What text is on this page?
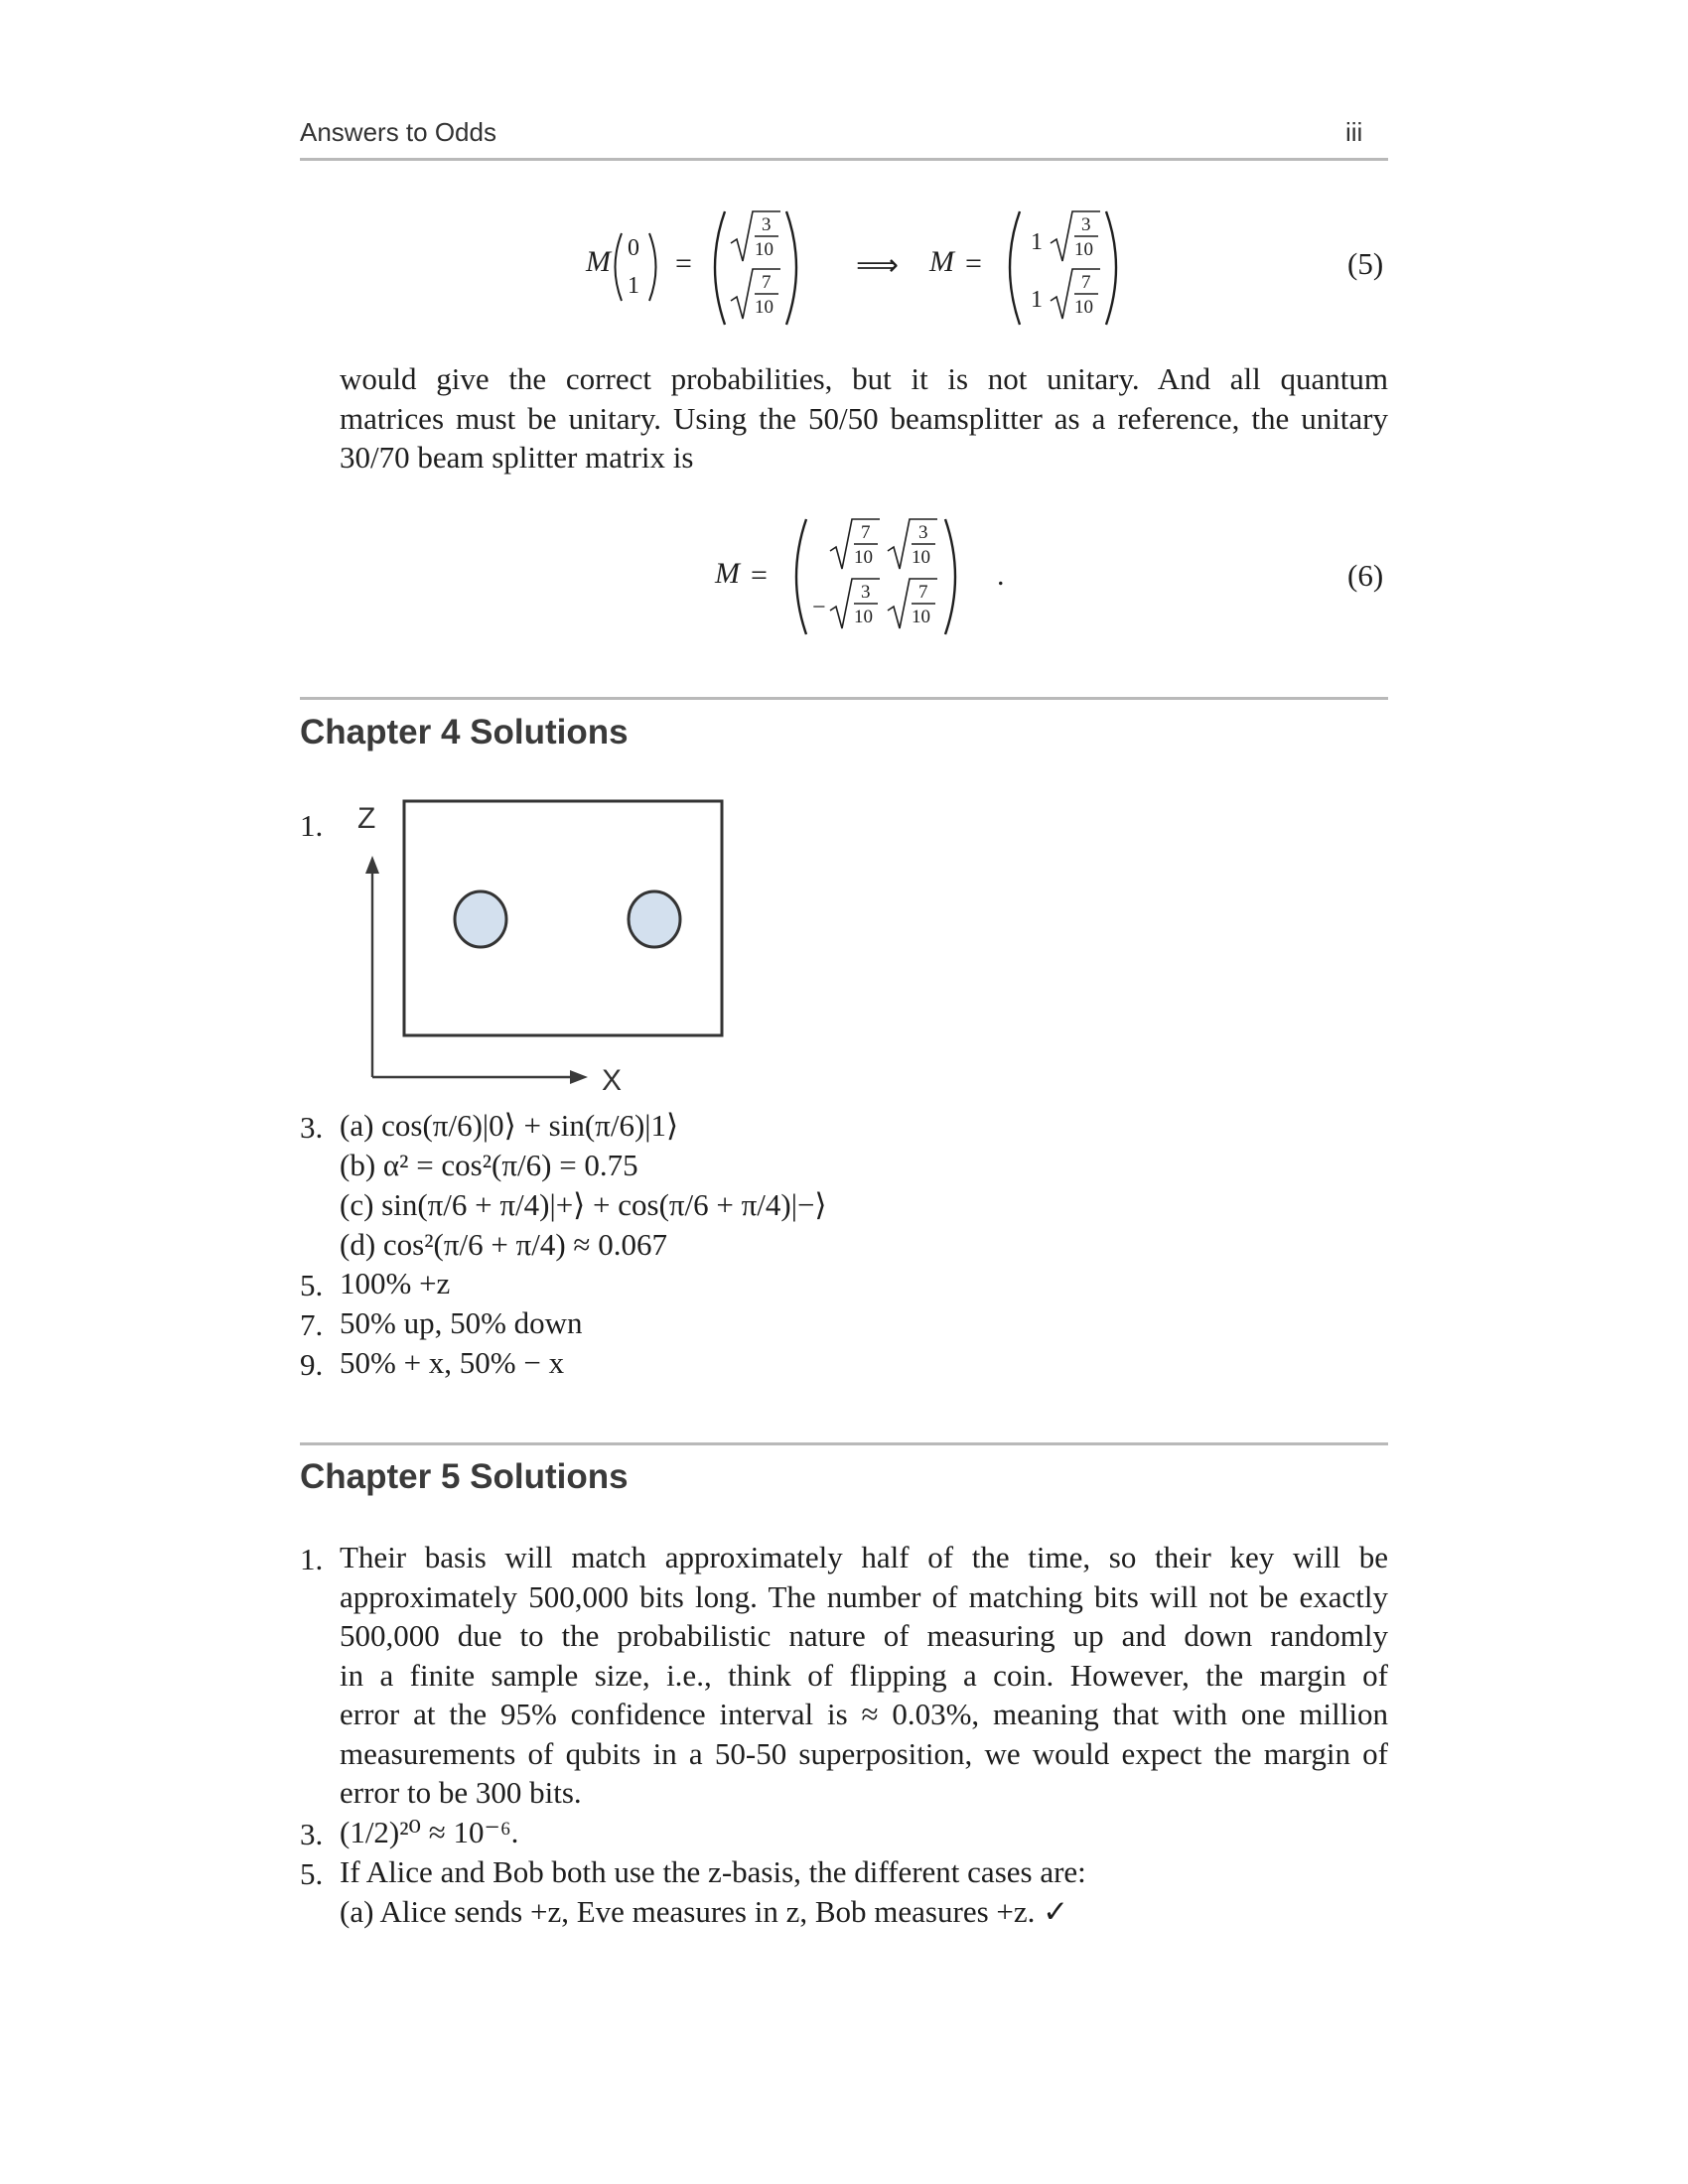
Answers to Odds	iii
M 0
1
=
3
10
7
10
⟹ M =
1
1
3
10
7
10
(5)
would give the correct probabilities, but it is not unitary. And all quantum
matrices must be unitary. Using the 50/50 beamsplitter as a reference, the unitary
30/70 beam splitter matrix is
M =
7
10
3
10
−
3
10
7
10
.	(6)
Chapter 4 Solutions
1. Z
X
3. (a) cos(π/6)|0⟩ + sin(π/6)|1⟩
(b) α² = cos²(π/6) = 0.75
(c) sin(π/6 + π/4)|+⟩ + cos(π/6 + π/4)|−⟩
(d) cos²(π/6 + π/4) ≈ 0.067
5. 100% +z
7. 50% up, 50% down
9. 50% + x, 50% − x
Chapter 5 Solutions
1. Their basis will match approximately half of the time, so their key will be
approximately 500,000 bits long. The number of matching bits will not be exactly
500,000 due to the probabilistic nature of measuring up and down randomly
in a finite sample size, i.e., think of flipping a coin. However, the margin of
error at the 95% confidence interval is ≈ 0.03%, meaning that with one million
measurements of qubits in a 50-50 superposition, we would expect the margin of
error to be 300 bits.
3. (1/2)²⁰ ≈ 10⁻⁶.
5. If Alice and Bob both use the z-basis, the different cases are:
(a) Alice sends +z, Eve measures in z, Bob measures +z. ✓
